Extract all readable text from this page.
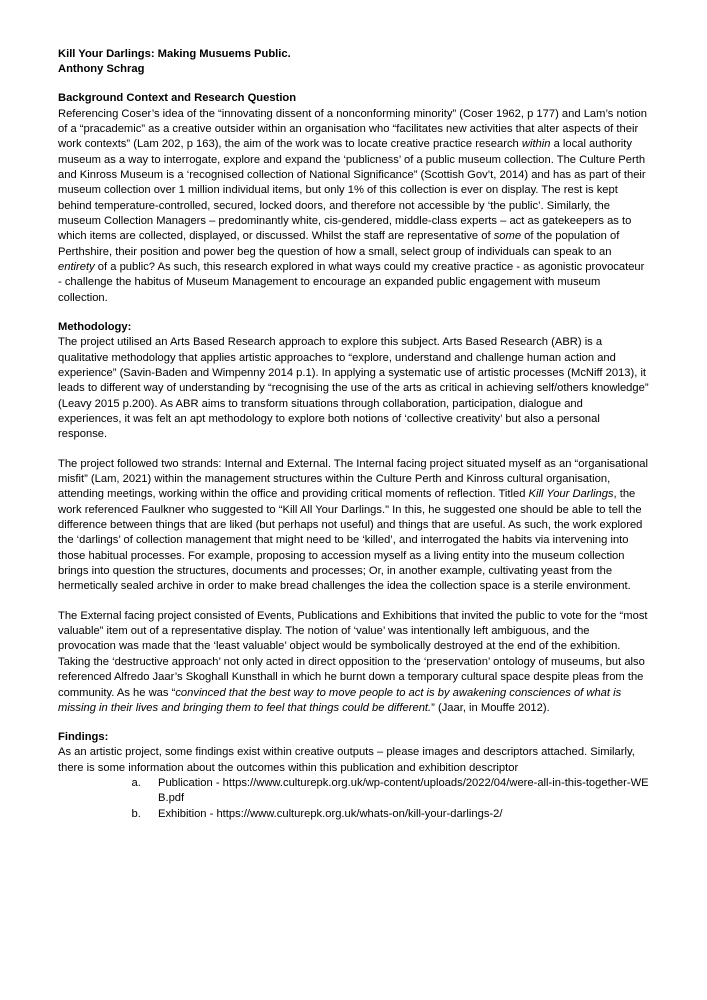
Kill Your Darlings: Making Musuems Public.
Anthony Schrag
Background Context and Research Question

Referencing Coser’s idea of the “innovating dissent of a nonconforming minority” (Coser 1962, p 177) and Lam’s notion of a “pracademic” as a creative outsider within an organisation who “facilitates new activities that alter aspects of their work contexts” (Lam 202, p 163), the aim of the work was to locate creative practice research within a local authority museum as a way to interrogate, explore and expand the ‘publicness’ of a public museum collection. The Culture Perth and Kinross Museum is a ‘recognised collection of National Significance” (Scottish Gov’t, 2014) and has as part of their museum collection over 1 million individual items, but only 1% of this collection is ever on display. The rest is kept behind temperature-controlled, secured, locked doors, and therefore not accessible by ‘the public’. Similarly, the museum Collection Managers – predominantly white, cis-gendered, middle-class experts – act as gatekeepers as to which items are collected, displayed, or discussed. Whilst the staff are representative of some of the population of Perthshire, their position and power beg the question of how a small, select group of individuals can speak to an entirety of a public? As such, this research explored in what ways could my creative practice - as agonistic provocateur - challenge the habitus of Museum Management to encourage an expanded public engagement with museum collection.

Methodology:

The project utilised an Arts Based Research approach to explore this subject. Arts Based Research (ABR) is a qualitative methodology that applies artistic approaches to “explore, understand and challenge human action and experience” (Savin-Baden and Wimpenny 2014 p.1). In applying a systematic use of artistic processes (McNiff 2013), it leads to different way of understanding by “recognising the use of the arts as critical in achieving self/others knowledge” (Leavy 2015 p.200). As ABR aims to transform situations through collaboration, participation, dialogue and experiences, it was felt an apt methodology to explore both notions of ‘collective creativity’ but also a personal response.

The project followed two strands: Internal and External. The Internal facing project situated myself as an “organisational misfit” (Lam, 2021) within the management structures within the Culture Perth and Kinross cultural organisation, attending meetings, working within the office and providing critical moments of reflection. Titled Kill Your Darlings, the work referenced Faulkner who suggested to “Kill All Your Darlings." In this, he suggested one should be able to tell the difference between things that are liked (but perhaps not useful) and things that are useful. As such, the work explored the ‘darlings’ of collection management that might need to be ‘killed’, and interrogated the habits via intervening into those habitual processes. For example, proposing to accession myself as a living entity into the museum collection brings into question the structures, documents and processes; Or, in another example, cultivating yeast from the hermetically sealed archive in order to make bread challenges the idea the collection space is a sterile environment.

The External facing project consisted of Events, Publications and Exhibitions that invited the public to vote for the “most valuable” item out of a representative display. The notion of ‘value’ was intentionally left ambiguous, and the provocation was made that the ‘least valuable’ object would be symbolically destroyed at the end of the exhibition. Taking the ‘destructive approach’ not only acted in direct opposition to the ‘preservation’ ontology of museums, but also referenced Alfredo Jaar’s Skoghall Kunsthall in which he burnt down a temporary cultural space despite pleas from the community. As he was “convinced that the best way to move people to act is by awakening consciences of what is missing in their lives and bringing them to feel that things could be different.” (Jaar, in Mouffe 2012).

Findings:

As an artistic project, some findings exist within creative outputs – please images and descriptors attached. Similarly, there is some information about the outcomes within this publication and exhibition descriptor

a. Publication - https://www.culturepk.org.uk/wp-content/uploads/2022/04/were-all-in-this-together-WEB.pdf
b. Exhibition - https://www.culturepk.org.uk/whats-on/kill-your-darlings-2/
